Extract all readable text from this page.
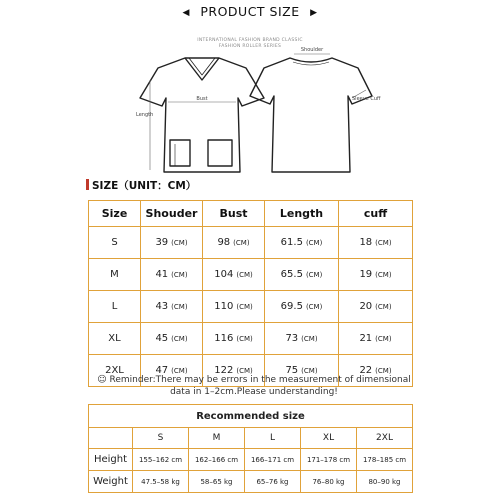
◀ PRODUCT SIZE ▶
INTERNATIONAL FASHION BRAND CLASSIC
FASHION ROLLER SERIES
Bust
Length
Shoulder
Sleeve Cuff
SIZE（UNIT：CM）
Size	Shouder	Bust	Length	cuff
S	39 (CM)	98 (CM)	61.5 (CM)	18 (CM)
M	41 (CM)	104 (CM)	65.5 (CM)	19 (CM)
L	43 (CM)	110 (CM)	69.5 (CM)	20 (CM)
XL	45 (CM)	116 (CM)	73 (CM)	21 (CM)
2XL	47 (CM)	122 (CM)	75 (CM)	22 (CM)
☺ Reminder:There may be errors in the measurement of dimensional
data in 1–2cm.Please understanding!
Recommended size					
	S	M	L	XL	2XL
Height	155–162 cm	162–166 cm	166–171 cm	171–178 cm	178–185 cm
Weight	47.5–58 kg	58–65 kg	65–76 kg	76–80 kg	80–90 kg
